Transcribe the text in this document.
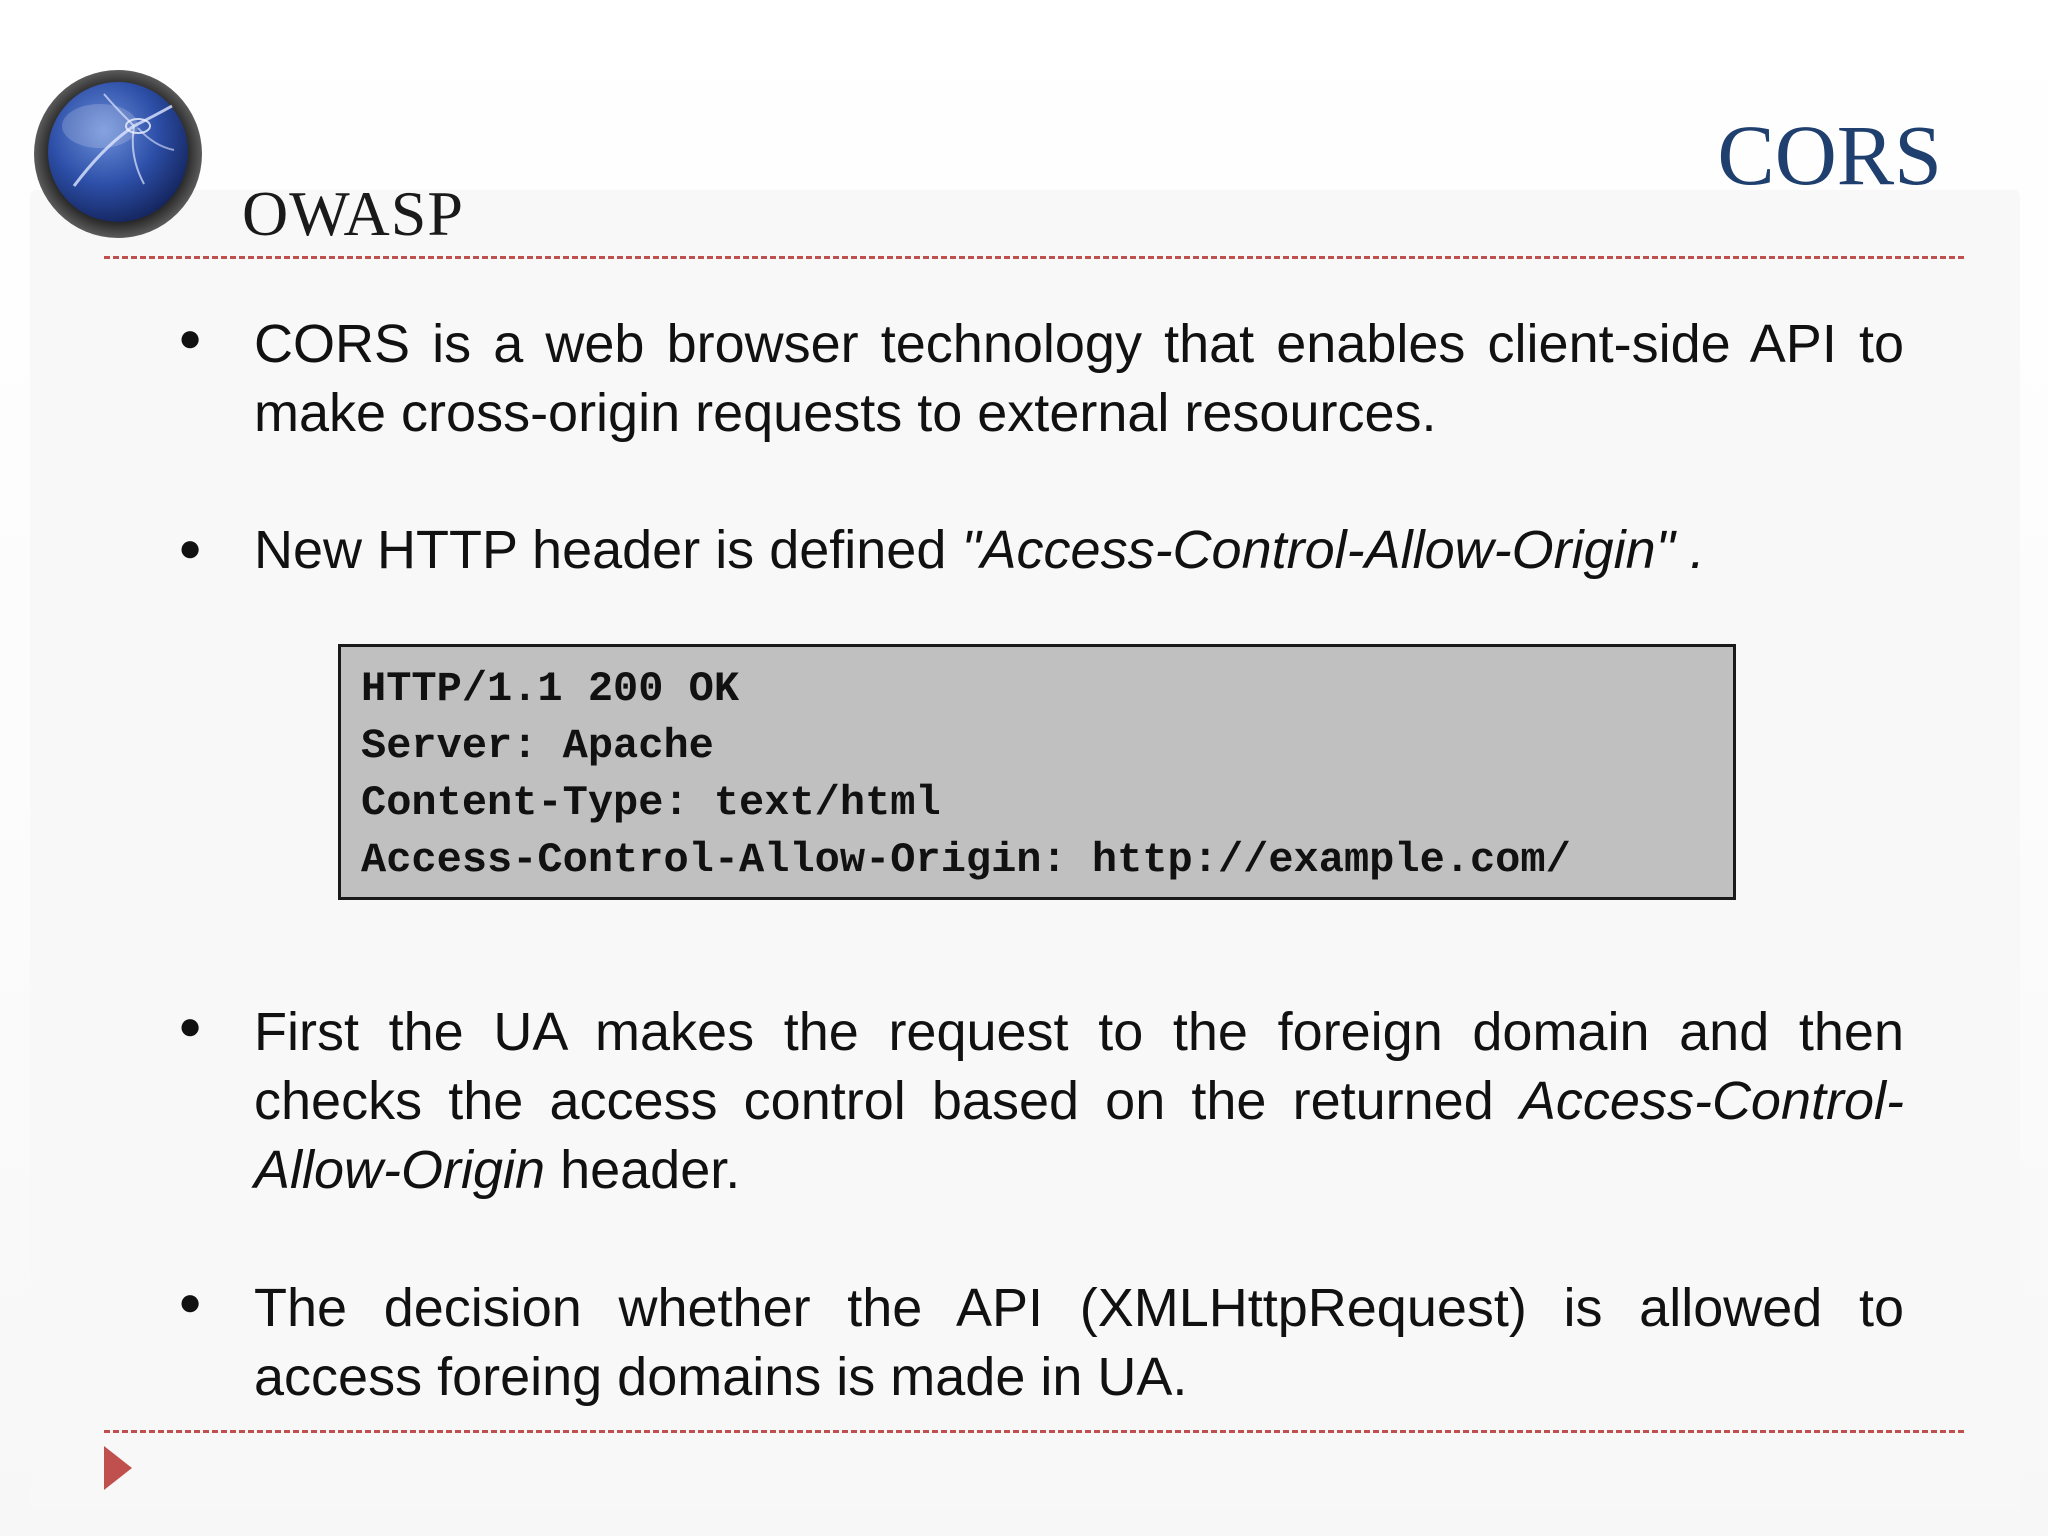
OWASP
CORS
● CORS is a web browser technology that enables client-side API to make cross-origin requests to external resources.
● New HTTP header is defined "Access-Control-Allow-Origin" .
HTTP/1.1 200 OK
Server: Apache
Content-Type: text/html
Access-Control-Allow-Origin: http://example.com/
● First the UA makes the request to the foreign domain and then checks the access control based on the returned Access-Control-Allow-Origin header.
● The decision whether the API (XMLHttpRequest) is allowed to access foreing domains is made in UA.
